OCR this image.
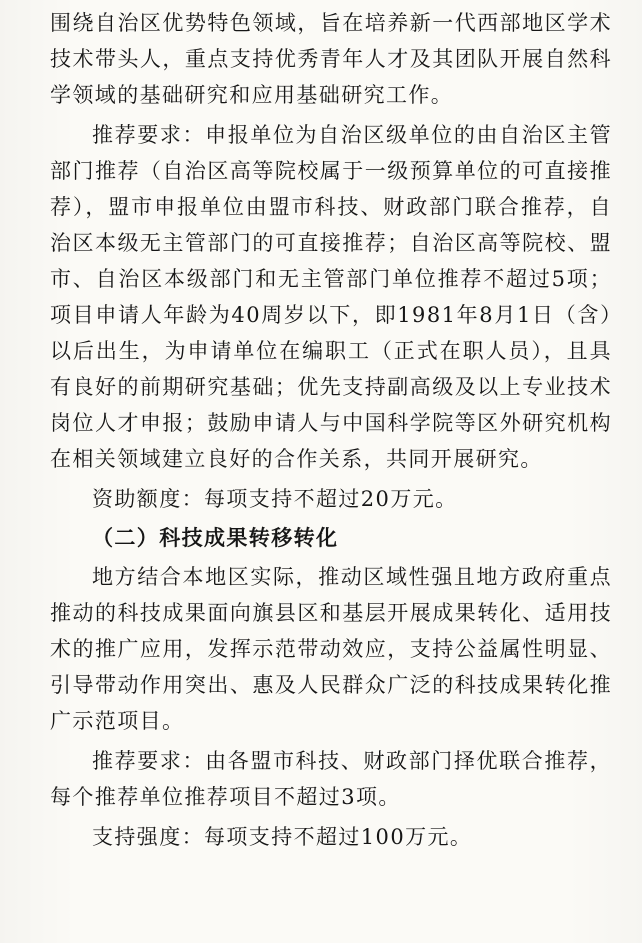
围绕自治区优势特色领域，旨在培养新一代西部地区学术技术带头人，重点支持优秀青年人才及其团队开展自然科学领域的基础研究和应用基础研究工作。

推荐要求：申报单位为自治区级单位的由自治区主管部门推荐（自治区高等院校属于一级预算单位的可直接推荐），盟市申报单位由盟市科技、财政部门联合推荐，自治区本级无主管部门的可直接推荐；自治区高等院校、盟市、自治区本级部门和无主管部门单位推荐不超过5项；项目申请人年龄为40周岁以下，即1981年8月1日（含）以后出生，为申请单位在编职工（正式在职人员），且具有良好的前期研究基础；优先支持副高级及以上专业技术岗位人才申报；鼓励申请人与中国科学院等区外研究机构在相关领域建立良好的合作关系，共同开展研究。

资助额度：每项支持不超过20万元。

（二）科技成果转移转化

地方结合本地区实际，推动区域性强且地方政府重点推动的科技成果面向旗县区和基层开展成果转化、适用技术的推广应用，发挥示范带动效应，支持公益属性明显、引导带动作用突出、惠及人民群众广泛的科技成果转化推广示范项目。

推荐要求：由各盟市科技、财政部门择优联合推荐，每个推荐单位推荐项目不超过3项。

支持强度：每项支持不超过100万元。
